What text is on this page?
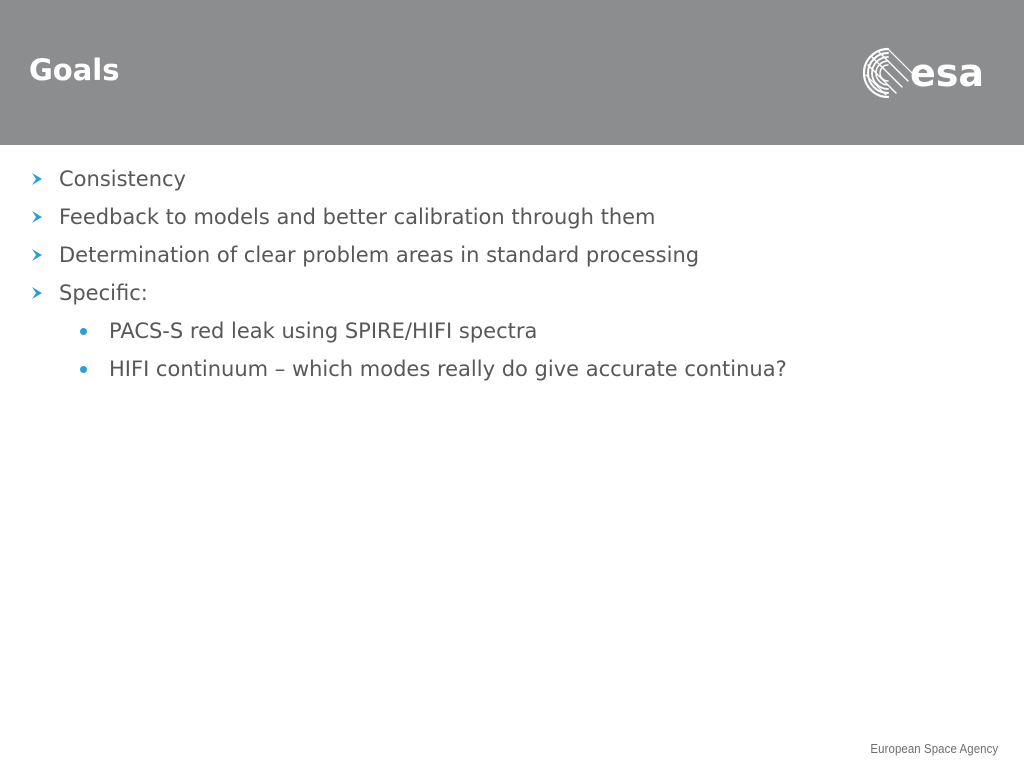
Goals	esa
Consistency
Feedback to models and better calibration through them
Determination of clear problem areas in standard processing
Specific:
PACS-S red leak using SPIRE/HIFI spectra
HIFI continuum – which modes really do give accurate continua?
European Space Agency
